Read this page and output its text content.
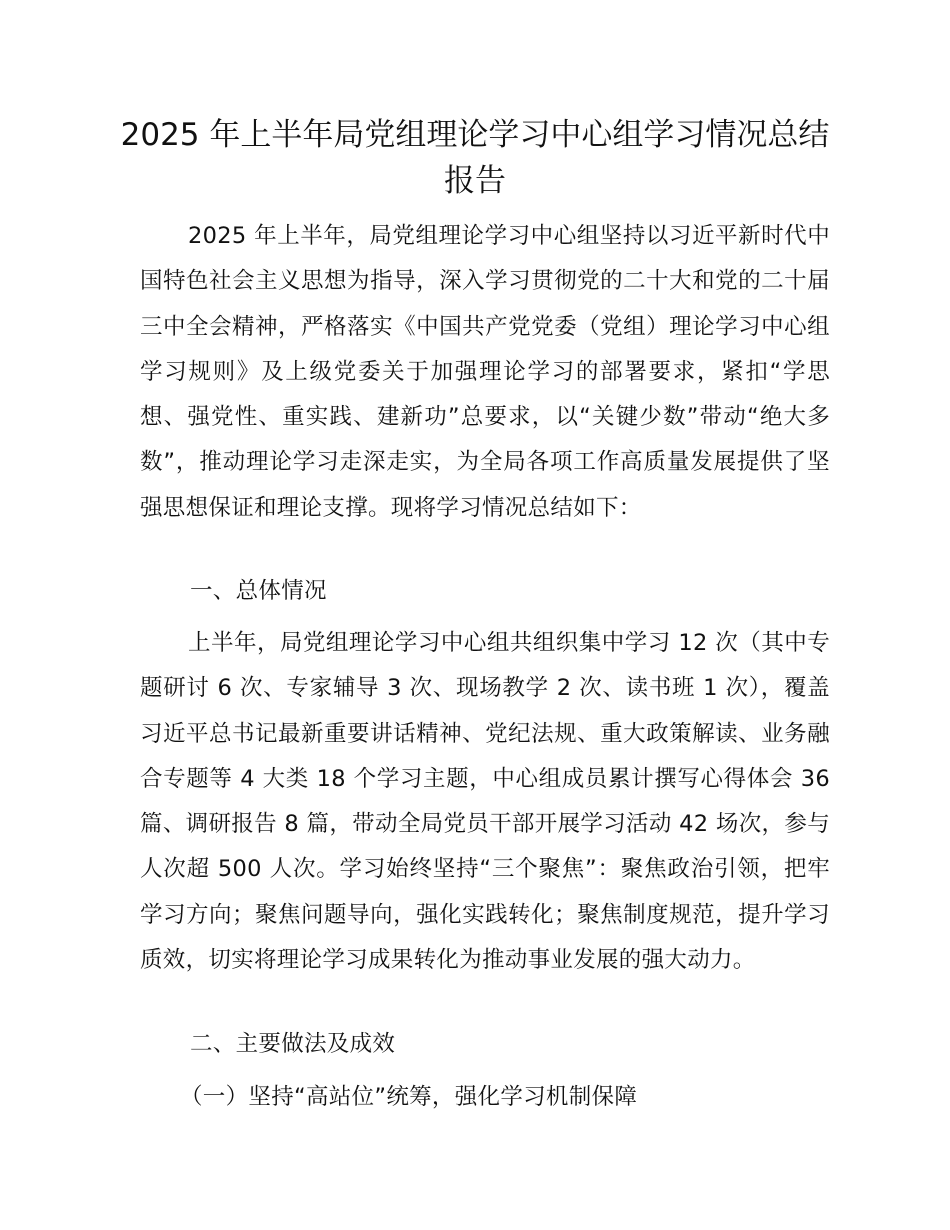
2025 年上半年局党组理论学习中心组学习情况总结报告

2025 年上半年，局党组理论学习中心组坚持以习近平新时代中国特色社会主义思想为指导，深入学习贯彻党的二十大和党的二十届三中全会精神，严格落实《中国共产党党委（党组）理论学习中心组学习规则》及上级党委关于加强理论学习的部署要求，紧扣“学思想、强党性、重实践、建新功”总要求，以“关键少数”带动“绝大多数”，推动理论学习走深走实，为全局各项工作高质量发展提供了坚强思想保证和理论支撑。现将学习情况总结如下：

一、总体情况

上半年，局党组理论学习中心组共组织集中学习 12 次（其中专题研讨 6 次、专家辅导 3 次、现场教学 2 次、读书班 1 次），覆盖习近平总书记最新重要讲话精神、党纪法规、重大政策解读、业务融合专题等 4 大类 18 个学习主题，中心组成员累计撰写心得体会 36 篇、调研报告 8 篇，带动全局党员干部开展学习活动 42 场次，参与人次超 500 人次。学习始终坚持“三个聚焦”：聚焦政治引领，把牢学习方向；聚焦问题导向，强化实践转化；聚焦制度规范，提升学习质效，切实将理论学习成果转化为推动事业发展的强大动力。

二、主要做法及成效

（一）坚持“高站位”统筹，强化学习机制保障
